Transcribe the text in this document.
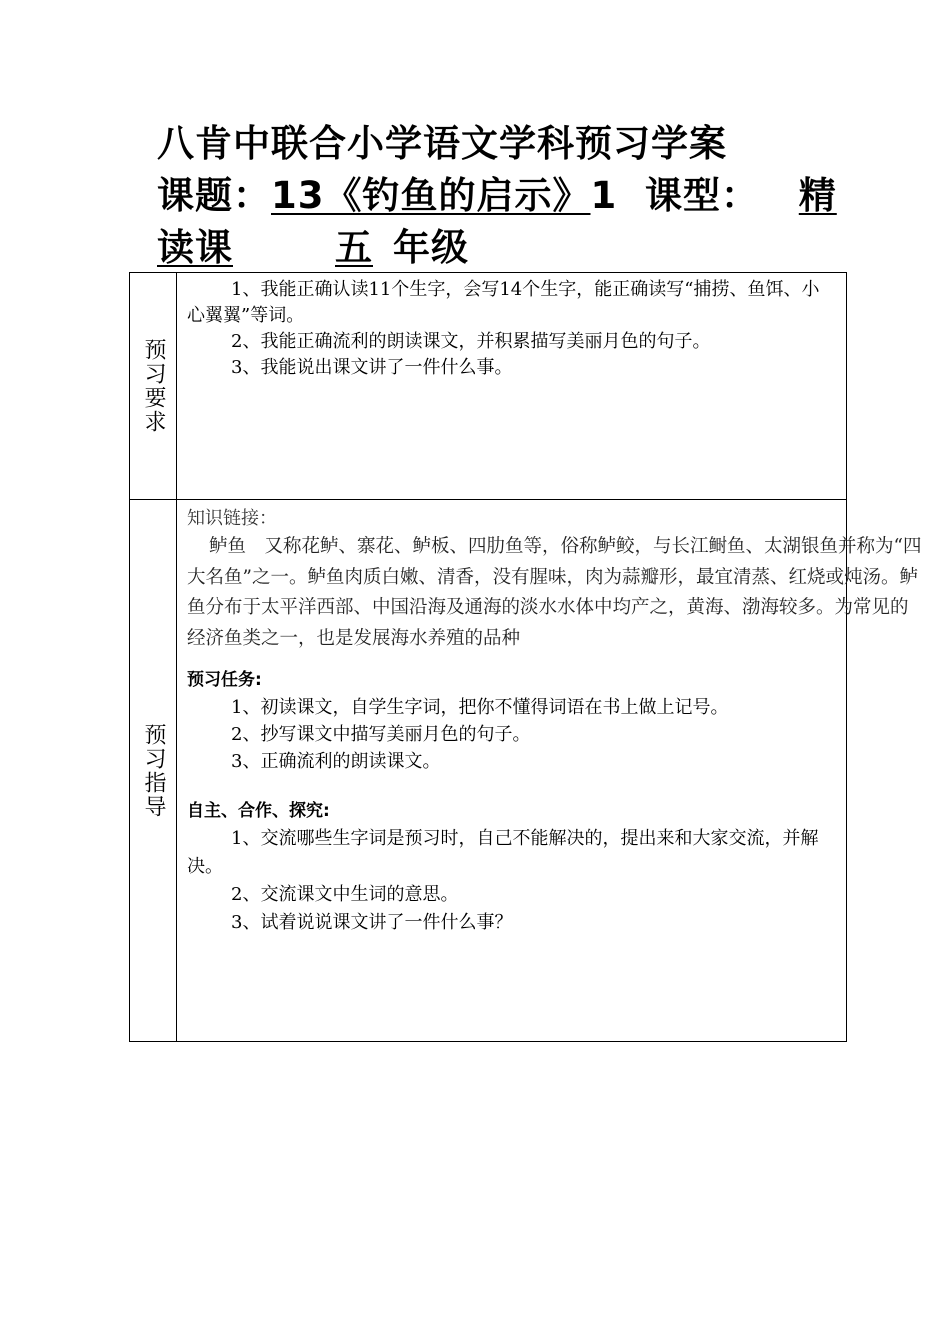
八肯中联合小学语文学科预习学案
课题：13《钓鱼的启示》1  课型：  精
读课	五 年级
预习要求

1、我能正确认读11个生字，会写14个生字，能正确读写“捕捞、鱼饵、小心翼翼”等词。

2、我能正确流利的朗读课文，并积累描写美丽月色的句子。

3、我能说出课文讲了一件什么事。

预习指导
知识链接：

鲈鱼　又称花鲈、寨花、鲈板、四肋鱼等，俗称鲈鲛，与长江鲥鱼、太湖银鱼并称为“四大名鱼”之一。鲈鱼肉质白嫩、清香，没有腥味，肉为蒜瓣形，最宜清蒸、红烧或炖汤。鲈鱼分布于太平洋西部、中国沿海及通海的淡水水体中均产之，黄海、渤海较多。为常见的经济鱼类之一，也是发展海水养殖的品种

预习任务:

1、初读课文，自学生字词，把你不懂得词语在书上做上记号。

2、抄写课文中描写美丽月色的句子。

3、正确流利的朗读课文。

自主、合作、探究:

1、交流哪些生字词是预习时，自己不能解决的，提出来和大家交流，并解决。

2、交流课文中生词的意思。

3、试着说说课文讲了一件什么事？
